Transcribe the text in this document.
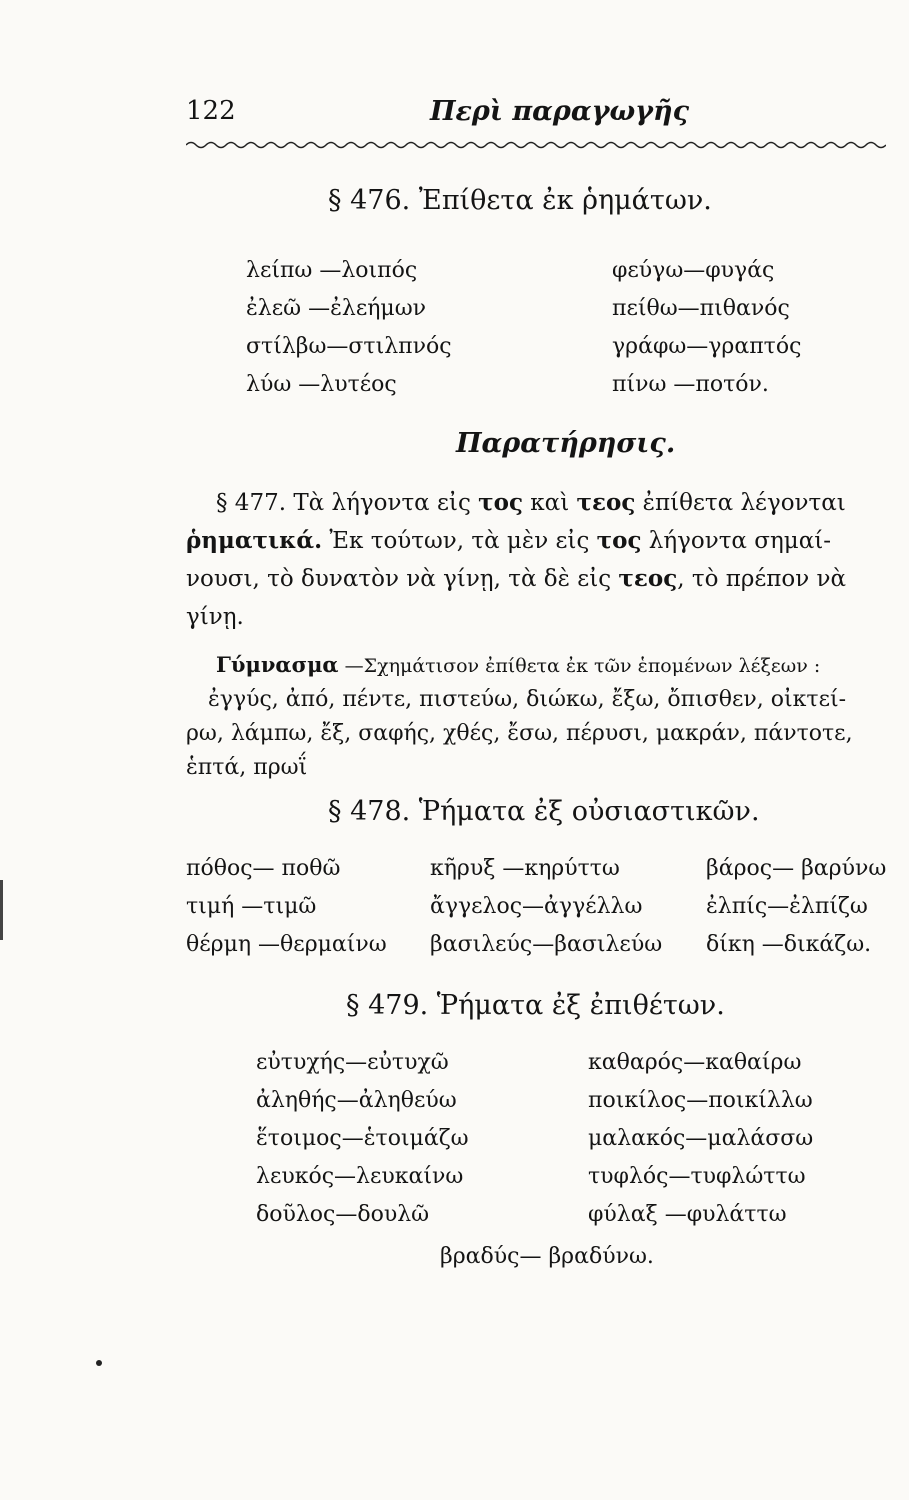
122	Περὶ παραγωγῆς
§ 476. Ἐπίθετα ἐκ ῥημάτων.
λείπω —λοιπός
ἐλεῶ —ἐλεήμων
στίλβω—στιλπνός
λύω —λυτέος
φεύγω—φυγάς
πείθω—πιθανός
γράφω—γραπτός
πίνω —ποτόν.
Παρατήρησις.

§ 477. Τὰ λήγοντα εἰς τος καὶ τεος ἐπίθετα λέγονται

ῥηματικά. Ἐκ τούτων, τὰ μὲν εἰς τος λήγοντα σημαί-

νουσι, τὸ δυνατὸν νὰ γίνῃ, τὰ δὲ εἰς τεος, τὸ πρέπον νὰ

γίνῃ.

Γύμνασμα —Σχημάτισον ἐπίθετα ἐκ τῶν ἑπομένων λέξεων :

ἐγγύς, ἀπό, πέντε, πιστεύω, διώκω, ἔξω, ὄπισθεν, οἰκτεί-

ρω, λάμπω, ἔξ, σαφής, χθές, ἔσω, πέρυσι, μακράν, πάντοτε,

ἑπτά, πρωΐ

§ 478. Ῥήματα ἐξ οὐσιαστικῶν.
πόθος— ποθῶ
τιμή —τιμῶ
θέρμη —θερμαίνω
κῆρυξ —κηρύττω
ἄγγελος—ἀγγέλλω
βασιλεύς—βασιλεύω
βάρος— βαρύνω
ἐλπίς—ἐλπίζω
δίκη —δικάζω.
§ 479. Ῥήματα ἐξ ἐπιθέτων.
εὐτυχής—εὐτυχῶ
ἀληθής—ἀληθεύω
ἕτοιμος—ἑτοιμάζω
λευκός—λευκαίνω
δοῦλος—δουλῶ
καθαρός—καθαίρω
ποικίλος—ποικίλλω
μαλακός—μαλάσσω
τυφλός—τυφλώττω
φύλαξ —φυλάττω
βραδύς— βραδύνω.
